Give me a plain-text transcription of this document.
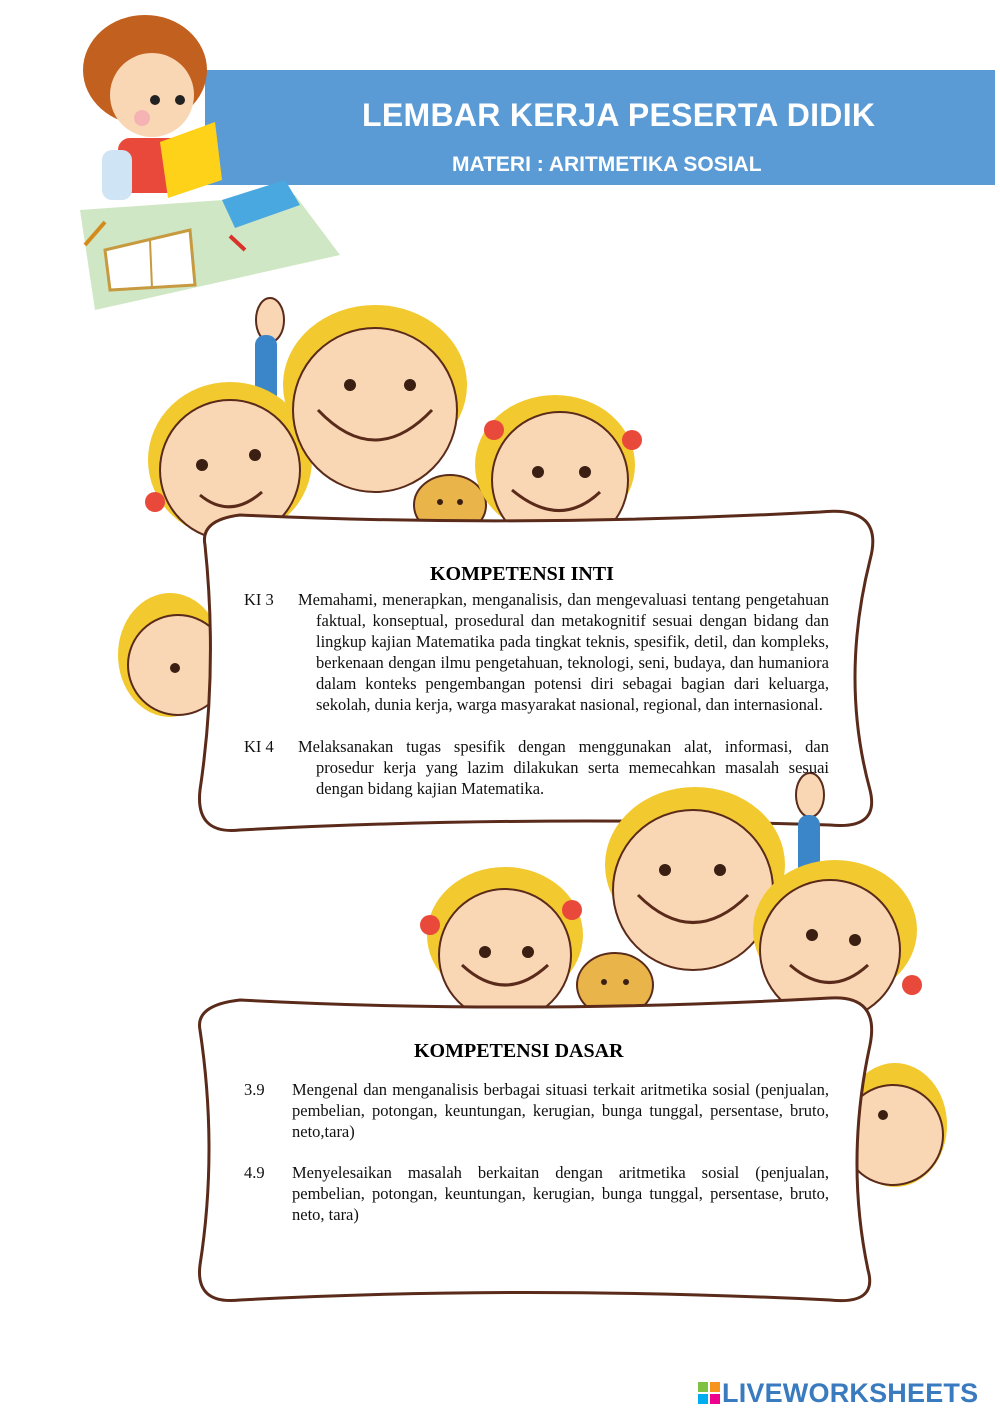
LEMBAR KERJA PESERTA DIDIK
MATERI : ARITMETIKA SOSIAL
KOMPETENSI INTI
KI 3	Memahami, menerapkan, menganalisis, dan mengevaluasi tentang pengetahuan faktual, konseptual, prosedural dan metakognitif sesuai dengan bidang dan lingkup kajian Matematika pada tingkat teknis, spesifik, detil, dan kompleks, berkenaan dengan ilmu pengetahuan, teknologi, seni, budaya, dan humaniora dalam konteks pengembangan potensi diri sebagai bagian dari keluarga, sekolah, dunia kerja, warga masyarakat nasional, regional, dan internasional.
KI 4	Melaksanakan tugas spesifik dengan menggunakan alat, informasi, dan prosedur kerja yang lazim dilakukan serta memecahkan masalah sesuai dengan bidang kajian Matematika.
KOMPETENSI DASAR
3.9	Mengenal dan menganalisis berbagai situasi terkait aritmetika sosial (penjualan, pembelian, potongan, keuntungan, kerugian, bunga tunggal, persentase, bruto, neto,tara)
4.9	Menyelesaikan masalah berkaitan dengan aritmetika sosial (penjualan, pembelian, potongan, keuntungan, kerugian, bunga tunggal, persentase, bruto, neto, tara)
LIVEWORKSHEETS
